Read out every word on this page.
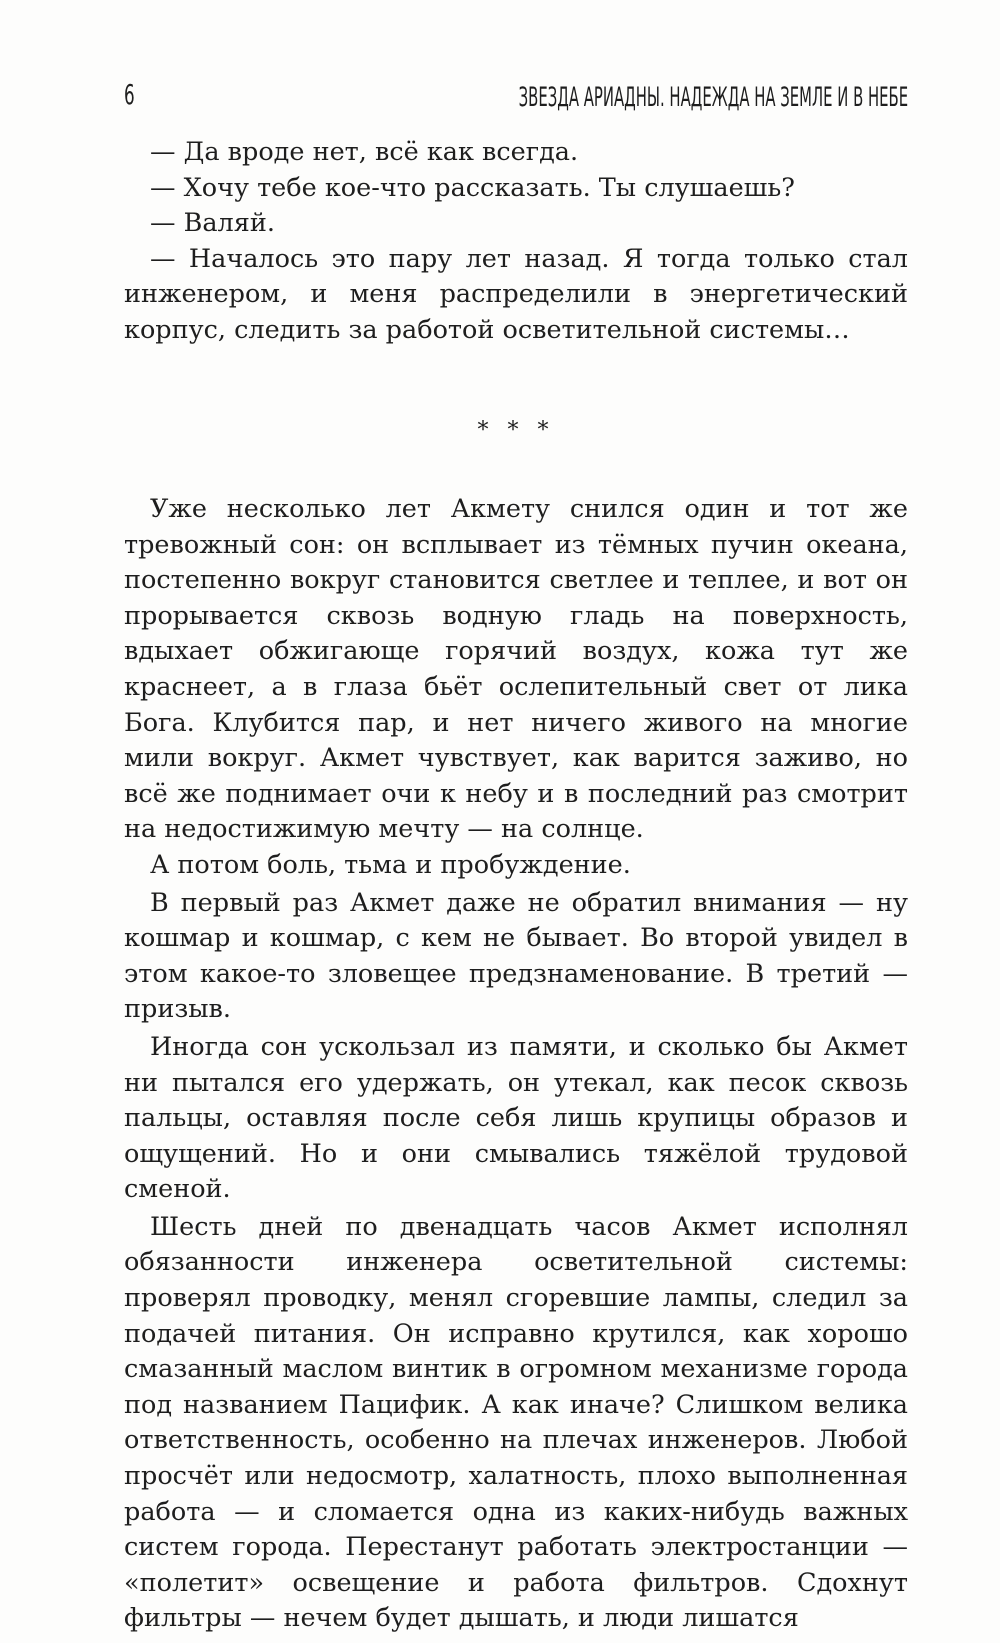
6	ЗВЕЗДА АРИАДНЫ. НАДЕЖДА НА ЗЕМЛЕ И В НЕБЕ

— Да вроде нет, всё как всегда.

— Хочу тебе кое-что рассказать. Ты слушаешь?

— Валяй.

— Началось это пару лет назад. Я тогда только стал инженером, и меня распределили в энергетический корпус, следить за работой осветительной системы…

* * *

Уже несколько лет Акмету снился один и тот же тревожный сон: он всплывает из тёмных пучин океана, постепенно вокруг становится светлее и теплее, и вот он прорывается сквозь водную гладь на поверхность, вдыхает обжигающе горячий воздух, кожа тут же краснеет, а в глаза бьёт ослепительный свет от лика Бога. Клубится пар, и нет ничего живого на многие мили вокруг. Акмет чувствует, как варится заживо, но всё же поднимает очи к небу и в последний раз смотрит на недостижимую мечту — на солнце.

А потом боль, тьма и пробуждение.

В первый раз Акмет даже не обратил внимания — ну кошмар и кошмар, с кем не бывает. Во второй увидел в этом какое-то зловещее предзнаменование. В третий — призыв.

Иногда сон ускользал из памяти, и сколько бы Акмет ни пытался его удержать, он утекал, как песок сквозь пальцы, оставляя после себя лишь крупицы образов и ощущений. Но и они смывались тяжёлой трудовой сменой.

Шесть дней по двенадцать часов Акмет исполнял обязанности инженера осветительной системы: проверял проводку, менял сгоревшие лампы, следил за подачей питания. Он исправно крутился, как хорошо смазанный маслом винтик в огромном механизме города под названием Пацифик. А как иначе? Слишком велика ответственность, особенно на плечах инженеров. Любой просчёт или недосмотр, халатность, плохо выполненная работа — и сломается одна из каких-нибудь важных систем города. Перестанут работать электростанции — «полетит» освещение и работа фильтров. Сдохнут фильтры — нечем будет дышать, и люди лишатся
